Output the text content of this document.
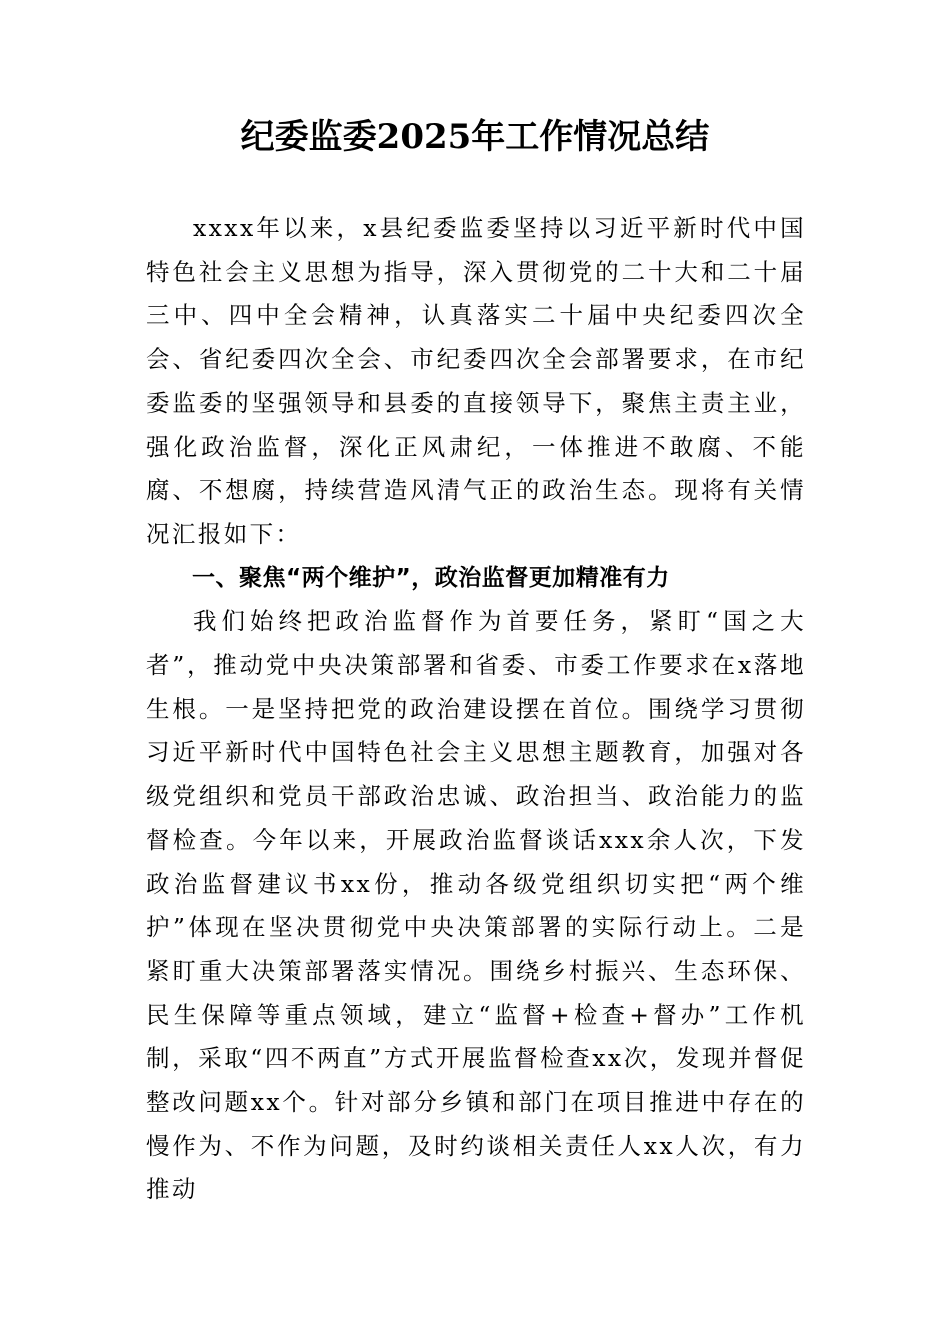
纪委监委2025年工作情况总结

xxxx年以来，x县纪委监委坚持以习近平新时代中国特色社会主义思想为指导，深入贯彻党的二十大和二十届三中、四中全会精神，认真落实二十届中央纪委四次全会、省纪委四次全会、市纪委四次全会部署要求，在市纪委监委的坚强领导和县委的直接领导下，聚焦主责主业，强化政治监督，深化正风肃纪，一体推进不敢腐、不能腐、不想腐，持续营造风清气正的政治生态。现将有关情况汇报如下：

一、聚焦“两个维护”，政治监督更加精准有力

我们始终把政治监督作为首要任务，紧盯“国之大者”，推动党中央决策部署和省委、市委工作要求在x落地生根。一是坚持把党的政治建设摆在首位。围绕学习贯彻习近平新时代中国特色社会主义思想主题教育，加强对各级党组织和党员干部政治忠诚、政治担当、政治能力的监督检查。今年以来，开展政治监督谈话xxx余人次，下发政治监督建议书xx份，推动各级党组织切实把“两个维护”体现在坚决贯彻党中央决策部署的实际行动上。二是紧盯重大决策部署落实情况。围绕乡村振兴、生态环保、民生保障等重点领域，建立“监督+检查+督办”工作机制，采取“四不两直”方式开展监督检查xx次，发现并督促整改问题xx个。针对部分乡镇和部门在项目推进中存在的慢作为、不作为问题，及时约谈相关责任人xx人次，有力推动
